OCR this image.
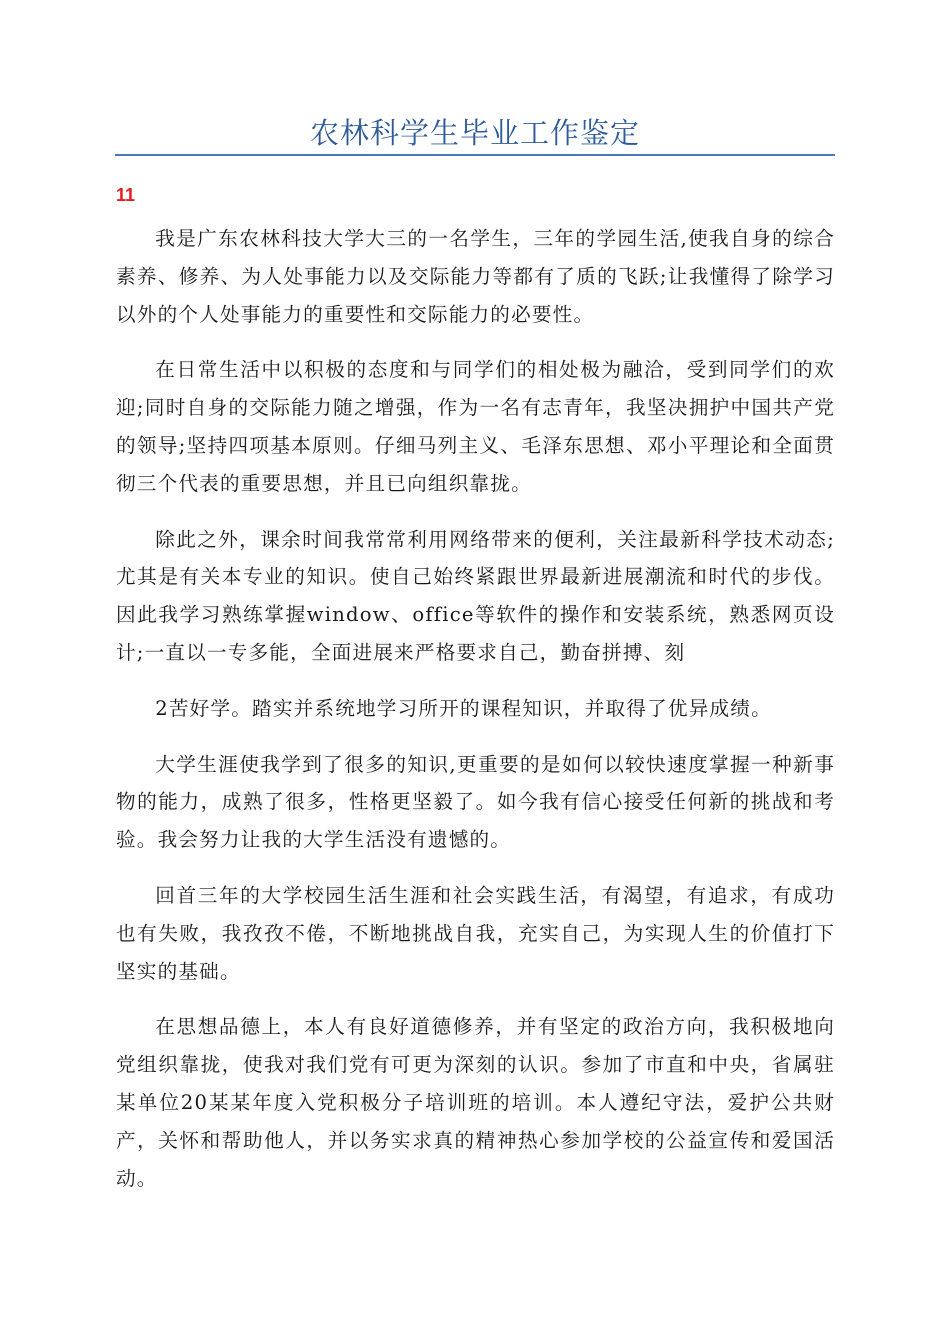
农林科学生毕业工作鉴定
11

我是广东农林科技大学大三的一名学生，三年的学园生活,使我自身的综合素养、修养、为人处事能力以及交际能力等都有了质的飞跃;让我懂得了除学习以外的个人处事能力的重要性和交际能力的必要性。

在日常生活中以积极的态度和与同学们的相处极为融洽，受到同学们的欢迎;同时自身的交际能力随之增强，作为一名有志青年，我坚决拥护中国共产党的领导;坚持四项基本原则。仔细马列主义、毛泽东思想、邓小平理论和全面贯彻三个代表的重要思想，并且已向组织靠拢。

除此之外，课余时间我常常利用网络带来的便利，关注最新科学技术动态;尤其是有关本专业的知识。使自己始终紧跟世界最新进展潮流和时代的步伐。因此我学习熟练掌握window、office等软件的操作和安装系统，熟悉网页设计;一直以一专多能，全面进展来严格要求自己，勤奋拼搏、刻

2苦好学。踏实并系统地学习所开的课程知识，并取得了优异成绩。

大学生涯使我学到了很多的知识,更重要的是如何以较快速度掌握一种新事物的能力，成熟了很多，性格更坚毅了。如今我有信心接受任何新的挑战和考验。我会努力让我的大学生活没有遗憾的。

回首三年的大学校园生活生涯和社会实践生活，有渴望，有追求，有成功也有失败，我孜孜不倦，不断地挑战自我，充实自己，为实现人生的价值打下坚实的基础。

在思想品德上，本人有良好道德修养，并有坚定的政治方向，我积极地向党组织靠拢，使我对我们党有可更为深刻的认识。参加了市直和中央，省属驻某单位20某某年度入党积极分子培训班的培训。本人遵纪守法，爱护公共财产，关怀和帮助他人，并以务实求真的精神热心参加学校的公益宣传和爱国活动。
